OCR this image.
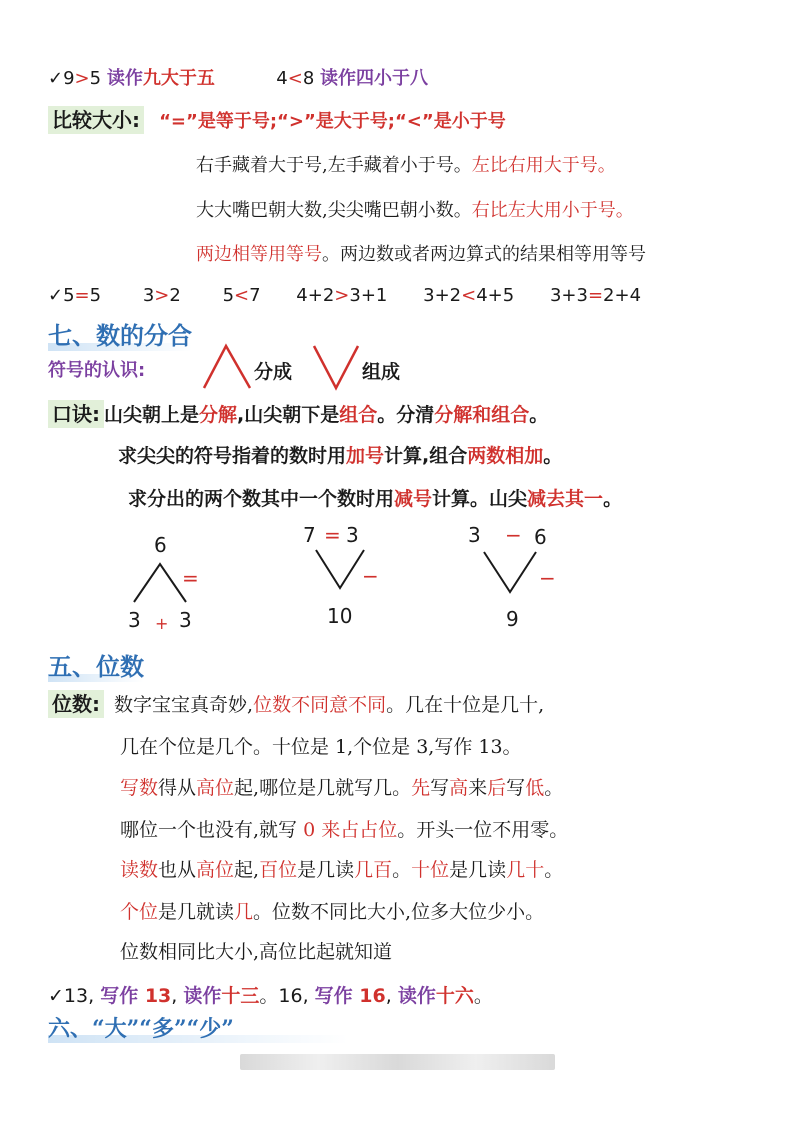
✓9>5 读作九大于五	4<8 读作四小于八
比较大小: “=”是等于号;“>”是大于号;“<”是小于号
右手藏着大于号,左手藏着小于号。左比右用大于号。
大大嘴巴朝大数,尖尖嘴巴朝小数。右比左大用小于号。
两边相等用等号。两边数或者两边算式的结果相等用等号
✓5=5 3>2 5<7 4+2>3+1 3+2<4+5 3+3=2+4
七、数的分合
符号的认识:	分成	组成
口诀: 山尖朝上是分解,山尖朝下是组合。分清分解和组合。
求尖尖的符号指着的数时用加号计算,组合两数相加。
求分出的两个数其中一个数时用减号计算。山尖减去其一。
6
=
3 + 3
7 = 3
−
10
3 − 6
−
9
五、位数
位数: 数字宝宝真奇妙,位数不同意不同。几在十位是几十,
几在个位是几个。十位是 1,个位是 3,写作 13。
写数得从高位起,哪位是几就写几。先写高来后写低。
哪位一个也没有,就写 0 来占占位。开头一位不用零。
读数也从高位起,百位是几读几百。十位是几读几十。
个位是几就读几。位数不同比大小,位多大位少小。
位数相同比大小,高位比起就知道
✓13, 写作 13, 读作十三。16, 写作 16, 读作十六。
六、“大”“多”“少”
